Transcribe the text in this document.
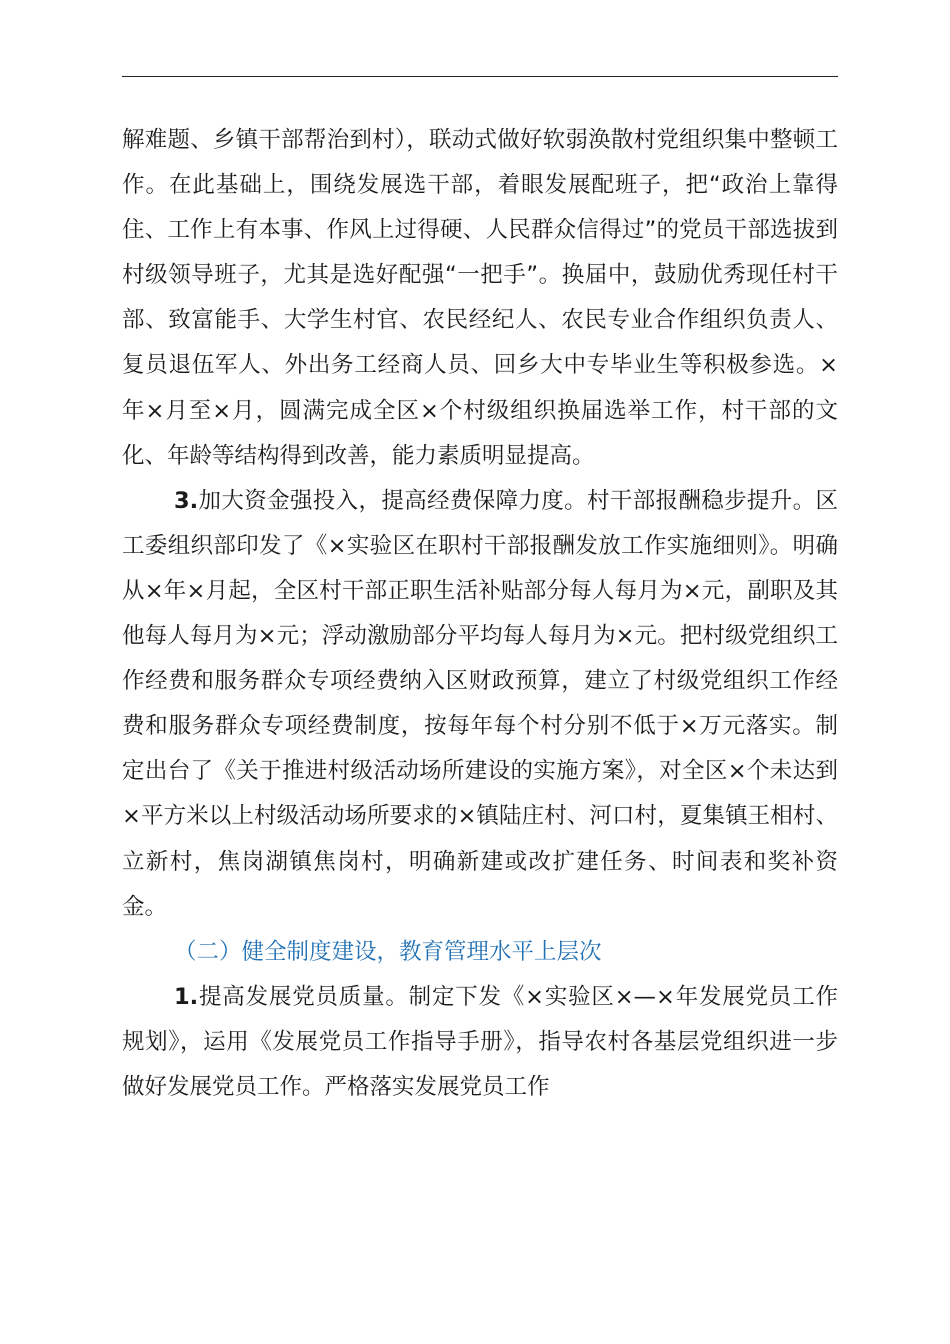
解难题、乡镇干部帮治到村），联动式做好软弱涣散村党组织集中整顿工作。在此基础上，围绕发展选干部，着眼发展配班子，把“政治上靠得住、工作上有本事、作风上过得硬、人民群众信得过”的党员干部选拔到村级领导班子，尤其是选好配强“一把手”。换届中，鼓励优秀现任村干部、致富能手、大学生村官、农民经纪人、农民专业合作组织负责人、复员退伍军人、外出务工经商人员、回乡大中专毕业生等积极参选。×年×月至×月，圆满完成全区×个村级组织换届选举工作，村干部的文化、年龄等结构得到改善，能力素质明显提高。

3.加大资金强投入，提高经费保障力度。村干部报酬稳步提升。区工委组织部印发了《×实验区在职村干部报酬发放工作实施细则》。明确从×年×月起，全区村干部正职生活补贴部分每人每月为×元，副职及其他每人每月为×元；浮动激励部分平均每人每月为×元。把村级党组织工作经费和服务群众专项经费纳入区财政预算，建立了村级党组织工作经费和服务群众专项经费制度，按每年每个村分别不低于×万元落实。制定出台了《关于推进村级活动场所建设的实施方案》，对全区×个未达到×平方米以上村级活动场所要求的×镇陆庄村、河口村，夏集镇王相村、立新村，焦岗湖镇焦岗村，明确新建或改扩建任务、时间表和奖补资金。

（二）健全制度建设，教育管理水平上层次

1.提高发展党员质量。制定下发《×实验区×—×年发展党员工作规划》，运用《发展党员工作指导手册》，指导农村各基层党组织进一步做好发展党员工作。严格落实发展党员工作
